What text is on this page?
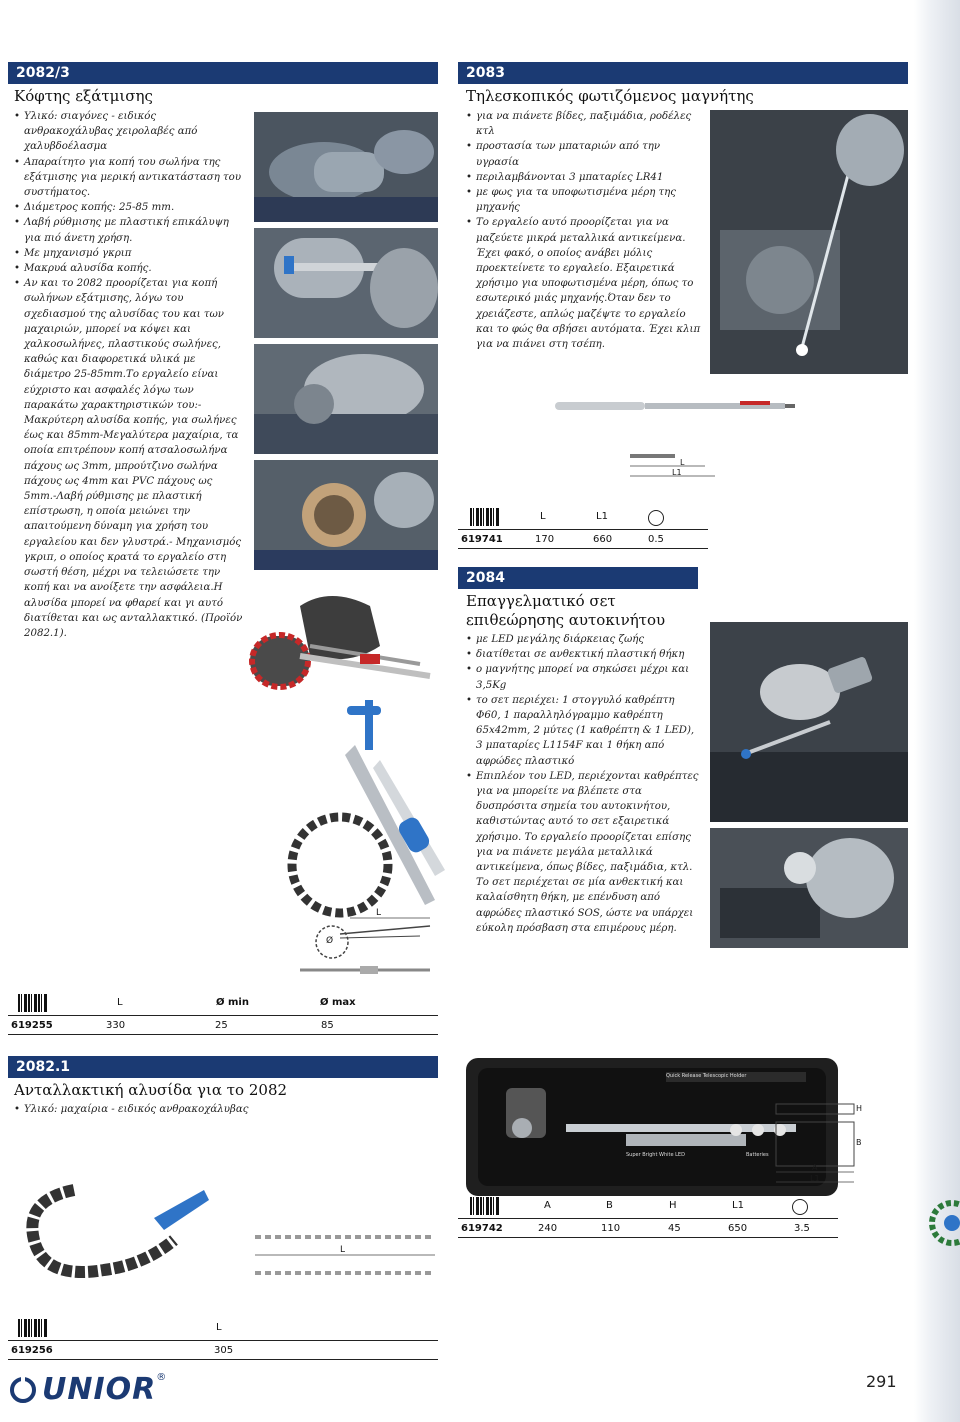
2082/3
Κόφτης εξάτμισης
• Υλικό: σιαγόνες - ειδικός ανθρακοχάλυβας χειρολαβές από χαλυβδοέλασμα
• Απαραίτητο για κοπή του σωλήνα της εξάτμισης για μερική αντικατάσταση του συστήματος.
• Διάμετρος κοπής: 25-85 mm.
• Λαβή ρύθμισης με πλαστική επικάλυψη για πιό άνετη χρήση.
• Με μηχανισμό γκριπ
• Μακρυά αλυσίδα κοπής.
• Αν και το 2082 προορίζεται για κοπή σωλήνων εξάτμισης, λόγω του σχεδιασμού της αλυσίδας του και των μαχαιριών, μπορεί να κόψει και χαλκοσωλήνες, πλαστικούς σωλήνες, καθώς και διαφορετικά υλικά με διάμετρο 25-85mm.Το εργαλείο είναι εύχριστο και ασφαλές λόγω των παρακάτω χαρακτηριστικών του:- Μακρύτερη αλυσίδα κοπής, για σωλήνες έως και 85mm-Μεγαλύτερα μαχαίρια, τα οποία επιτρέπουν κοπή ατσαλοσωλήνα πάχους ως 3mm, μπρούτζινο σωλήνα πάχους ως 4mm και PVC πάχους ως 5mm.-Λαβή ρύθμισης με πλαστική επίστρωση, η οποία μειώνει την απαιτούμενη δύναμη για χρήση του εργαλείου και δεν γλυστρά.- Μηχανισμός γκριπ, ο οποίος κρατά το εργαλείο στη σωστή θέση, μέχρι να τελειώσετε την κοπή και να ανοίξετε την ασφάλεια.Η αλυσίδα μπορεί να φθαρεί και γι αυτό διατίθεται και ως ανταλλακτικό. (Προϊόν 2082.1).
L
Ø
L	Ø min	Ø max
619255	330	25	85
2082.1
Ανταλλακτική αλυσίδα για το 2082
• Υλικό: μαχαίρια - ειδικός ανθρακοχάλυβας
L
L
619256	305
2083
Τηλεσκοπικός φωτιζόμενος μαγνήτης
• για να πιάνετε βίδες, παξιμάδια, ροδέλες κτλ
• προστασία των μπαταριών από την υγρασία
• περιλαμβάνονται 3 μπαταρίες LR41
• με φως για τα υποφωτισμένα μέρη της μηχανής
• Το εργαλείο αυτό προορίζεται για να μαζεύετε μικρά μεταλλικά αντικείμενα. Έχει φακό, ο οποίος ανάβει μόλις προεκτείνετε το εργαλείο. Εξαιρετικά χρήσιμο για υποφωτισμένα μέρη, όπως το εσωτερικό μιάς μηχανής.Όταν δεν το χρειάζεστε, απλώς μαζέψτε το εργαλείο και το φώς θα σβήσει αυτόματα. Έχει κλιπ για να πιάνει στη τσέπη.
L
L1
L	L1
619741	170	660	0.5
2084
Επαγγελματικό σετ επιθεώρησης αυτοκινήτου
• με LED μεγάλης διάρκειας ζωής
• διατίθεται σε ανθεκτική πλαστική θήκη
• ο μαγνήτης μπορεί να σηκώσει μέχρι και 3,5Kg
• το σετ περιέχει: 1 στογγυλό καθρέπτη Φ60, 1 παραλληλόγραμμο καθρέπτη 65x42mm, 2 μύτες (1 καθρέπτη & 1 LED), 3 μπαταρίες L1154F και 1 θήκη από αφρώδες πλαστικό
• Επιπλέον του LED, περιέχονται καθρέπτες για να μπορείτε να βλέπετε στα δυσπρόσιτα σημεία του αυτοκινήτου, καθιστώντας αυτό το σετ εξαιρετικά χρήσιμο. Το εργαλείο προορίζεται επίσης για να πιάνετε μεγάλα μεταλλικά αντικείμενα, όπως βίδες, παξιμάδια, κτλ. Το σετ περιέχεται σε μία ανθεκτική και καλαίσθητη θήκη, με επένδυση από αφρώδες πλαστικό SOS, ώστε να υπάρχει εύκολη πρόσβαση στα επιμέρους μέρη.
Quick Release Telescopic Holder
Super Bright White LED	Batteries
H
B
A
L1
A	B	H	L1
619742	240	110	45	650	3.5
UNIOR ®	291
